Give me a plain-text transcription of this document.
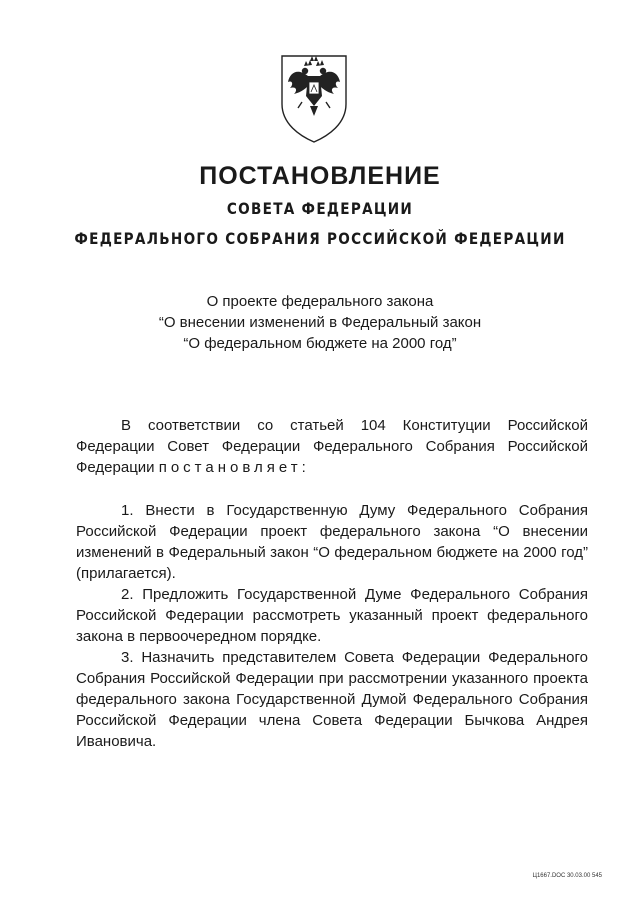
ПОСТАНОВЛЕНИЕ
СОВЕТА ФЕДЕРАЦИИ
ФЕДЕРАЛЬНОГО СОБРАНИЯ РОССИЙСКОЙ ФЕДЕРАЦИИ
О проекте федерального закона
“О внесении изменений в Федеральный закон
“О федеральном бюджете на 2000 год”

В соответствии со статьей 104 Конституции Российской Федерации Совет Федерации Федерального Собрания Российской Федерации постановляет:

1. Внести в Государственную Думу Федерального Собрания Российской Федерации проект федерального закона “О внесении изменений в Федеральный закон “О федеральном бюджете на 2000 год” (прилагается).

2. Предложить Государственной Думе Федерального Собрания Российской Федерации рассмотреть указанный проект федерального закона в первоочередном порядке.

3. Назначить представителем Совета Федерации Федерального Собрания Российской Федерации при рассмотрении указанного проекта федерального закона Государственной Думой Федерального Собрания Российской Федерации члена Совета Федерации Бычкова Андрея Ивановича.

Ц1667.DOC 30.03.00 545
